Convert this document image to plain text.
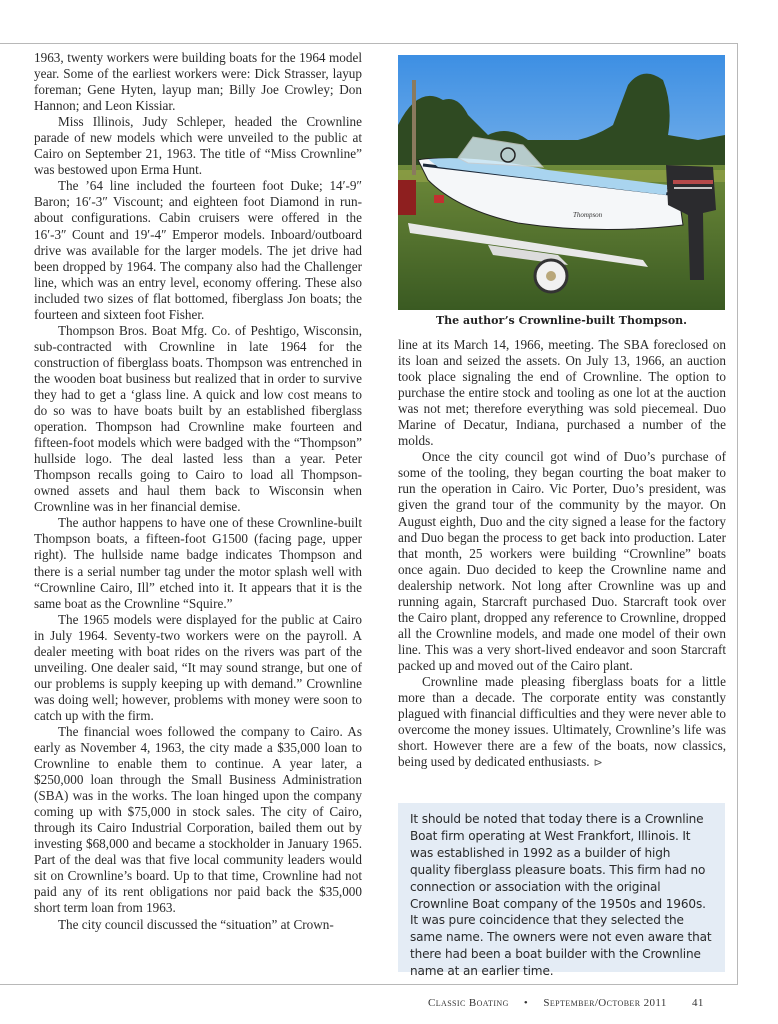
1963, twenty workers were building boats for the 1964 model year. Some of the earliest workers were: Dick Strasser, layup foreman; Gene Hyten, layup man; Billy Joe Crowley; Don Hannon; and Leon Kissiar.

Miss Illinois, Judy Schleper, headed the Crownline parade of new models which were unveiled to the public at Cairo on September 21, 1963. The title of “Miss Crownline” was bestowed upon Erma Hunt.

The ’64 line included the fourteen foot Duke; 14′-9″ Baron; 16′-3″ Viscount; and eighteen foot Diamond in runabout configurations. Cabin cruisers were offered in the 16′-3″ Count and 19′-4″ Emperor models. Inboard/outboard drive was available for the larger models. The jet drive had been dropped by 1964. The company also had the Challenger line, which was an entry level, economy offering. These also included two sizes of flat bottomed, fiberglass Jon boats; the fourteen and sixteen foot Fisher.

Thompson Bros. Boat Mfg. Co. of Peshtigo, Wisconsin, sub-contracted with Crownline in late 1964 for the construction of fiberglass boats. Thompson was entrenched in the wooden boat business but realized that in order to survive they had to get a ‘glass line. A quick and low cost means to do so was to have boats built by an established fiberglass operation. Thompson had Crownline make fourteen and fifteen-foot models which were badged with the “Thompson” hullside logo. The deal lasted less than a year. Peter Thompson recalls going to Cairo to load all Thompson-owned assets and haul them back to Wisconsin when Crownline was in her financial demise.

The author happens to have one of these Crownline-built Thompson boats, a fifteen-foot G1500 (facing page, upper right). The hullside name badge indicates Thompson and there is a serial number tag under the motor splash well with “Crownline Cairo, Ill” etched into it. It appears that it is the same boat as the Crownline “Squire.”

The 1965 models were displayed for the public at Cairo in July 1964. Seventy-two workers were on the payroll. A dealer meeting with boat rides on the rivers was part of the unveiling. One dealer said, “It may sound strange, but one of our problems is supply keeping up with demand.” Crownline was doing well; however, problems with money were soon to catch up with the firm.

The financial woes followed the company to Cairo. As early as November 4, 1963, the city made a $35,000 loan to Crownline to enable them to continue. A year later, a $250,000 loan through the Small Business Administration (SBA) was in the works. The loan hinged upon the company coming up with $75,000 in stock sales. The city of Cairo, through its Cairo Industrial Corporation, bailed them out by investing $68,000 and became a stockholder in January 1965. Part of the deal was that five local community leaders would sit on Crownline’s board. Up to that time, Crownline had not paid any of its rent obligations nor paid back the $35,000 short term loan from 1963.

The city council discussed the “situation” at Crown-

Thompson
The author’s Crownline-built Thompson.

line at its March 14, 1966, meeting. The SBA foreclosed on its loan and seized the assets. On July 13, 1966, an auction took place signaling the end of Crownline. The option to purchase the entire stock and tooling as one lot at the auction was not met; therefore everything was sold piecemeal. Duo Marine of Decatur, Indiana, purchased a number of the molds.

Once the city council got wind of Duo’s purchase of some of the tooling, they began courting the boat maker to run the operation in Cairo. Vic Porter, Duo’s president, was given the grand tour of the community by the mayor. On August eighth, Duo and the city signed a lease for the factory and Duo began the process to get back into production. Later that month, 25 workers were building “Crownline” boats once again. Duo decided to keep the Crownline name and dealership network. Not long after Crownline was up and running again, Starcraft purchased Duo. Starcraft took over the Cairo plant, dropped any reference to Crownline, dropped all the Crownline models, and made one model of their own line. This was a very short-lived endeavor and soon Starcraft packed up and moved out of the Cairo plant.

Crownline made pleasing fiberglass boats for a little more than a decade. The corporate entity was constantly plagued with financial difficulties and they were never able to overcome the money issues. Ultimately, Crownline’s life was short. However there are a few of the boats, now classics, being used by dedicated enthusiasts. ⊳

It should be noted that today there is a Crownline Boat firm operating at West Frankfort, Illinois. It was established in 1992 as a builder of high quality fiberglass pleasure boats. This firm had no connection or association with the original Crownline Boat company of the 1950s and 1960s. It was pure coincidence that they selected the same name. The owners were not even aware that there had been a boat builder with the Crownline name at an earlier time.

Classic Boating • September/October 2011 41
